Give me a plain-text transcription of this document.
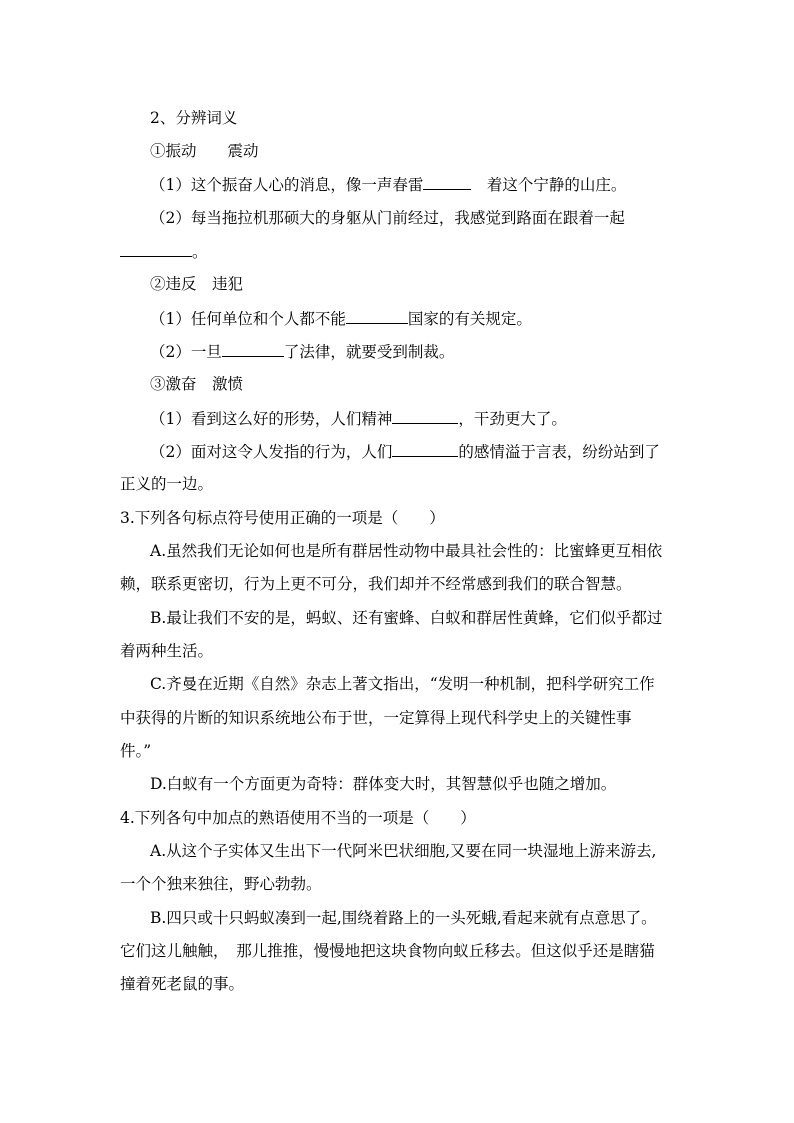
2、分辨词义
①振动　　震动
（1）这个振奋人心的消息，像一声春雷	　着这个宁静的山庄。
（2）每当拖拉机那硕大的身躯从门前经过，我感觉到路面在跟着一起
。
②违反　违犯
（1）任何单位和个人都不能	国家的有关规定。
（2）一旦	了法律，就要受到制裁。
③激奋　激愤
（1）看到这么好的形势，人们精神	，干劲更大了。
（2）面对这令人发指的行为，人们	的感情溢于言表，纷纷站到了
正义的一边。
3.下列各句标点符号使用正确的一项是（　　）
A.虽然我们无论如何也是所有群居性动物中最具社会性的：比蜜蜂更互相依
赖，联系更密切，行为上更不可分，我们却并不经常感到我们的联合智慧。
B.最让我们不安的是，蚂蚁、还有蜜蜂、白蚁和群居性黄蜂，它们似乎都过
着两种生活。
C.齐曼在近期《自然》杂志上著文指出，“发明一种机制，把科学研究工作
中获得的片断的知识系统地公布于世，一定算得上现代科学史上的关键性事
件。”
D.白蚁有一个方面更为奇特：群体变大时，其智慧似乎也随之增加。
4.下列各句中加点的熟语使用不当的一项是（　　）
A.从这个子实体又生出下一代阿米巴状细胞,又要在同一块湿地上游来游去,
一个个独来独往，野心勃勃。
B.四只或十只蚂蚁凑到一起,围绕着路上的一头死蛾,看起来就有点意思了。
它们这儿触触，　那儿推推，慢慢地把这块食物向蚁丘移去。但这似乎还是瞎猫
撞着死老鼠的事。
